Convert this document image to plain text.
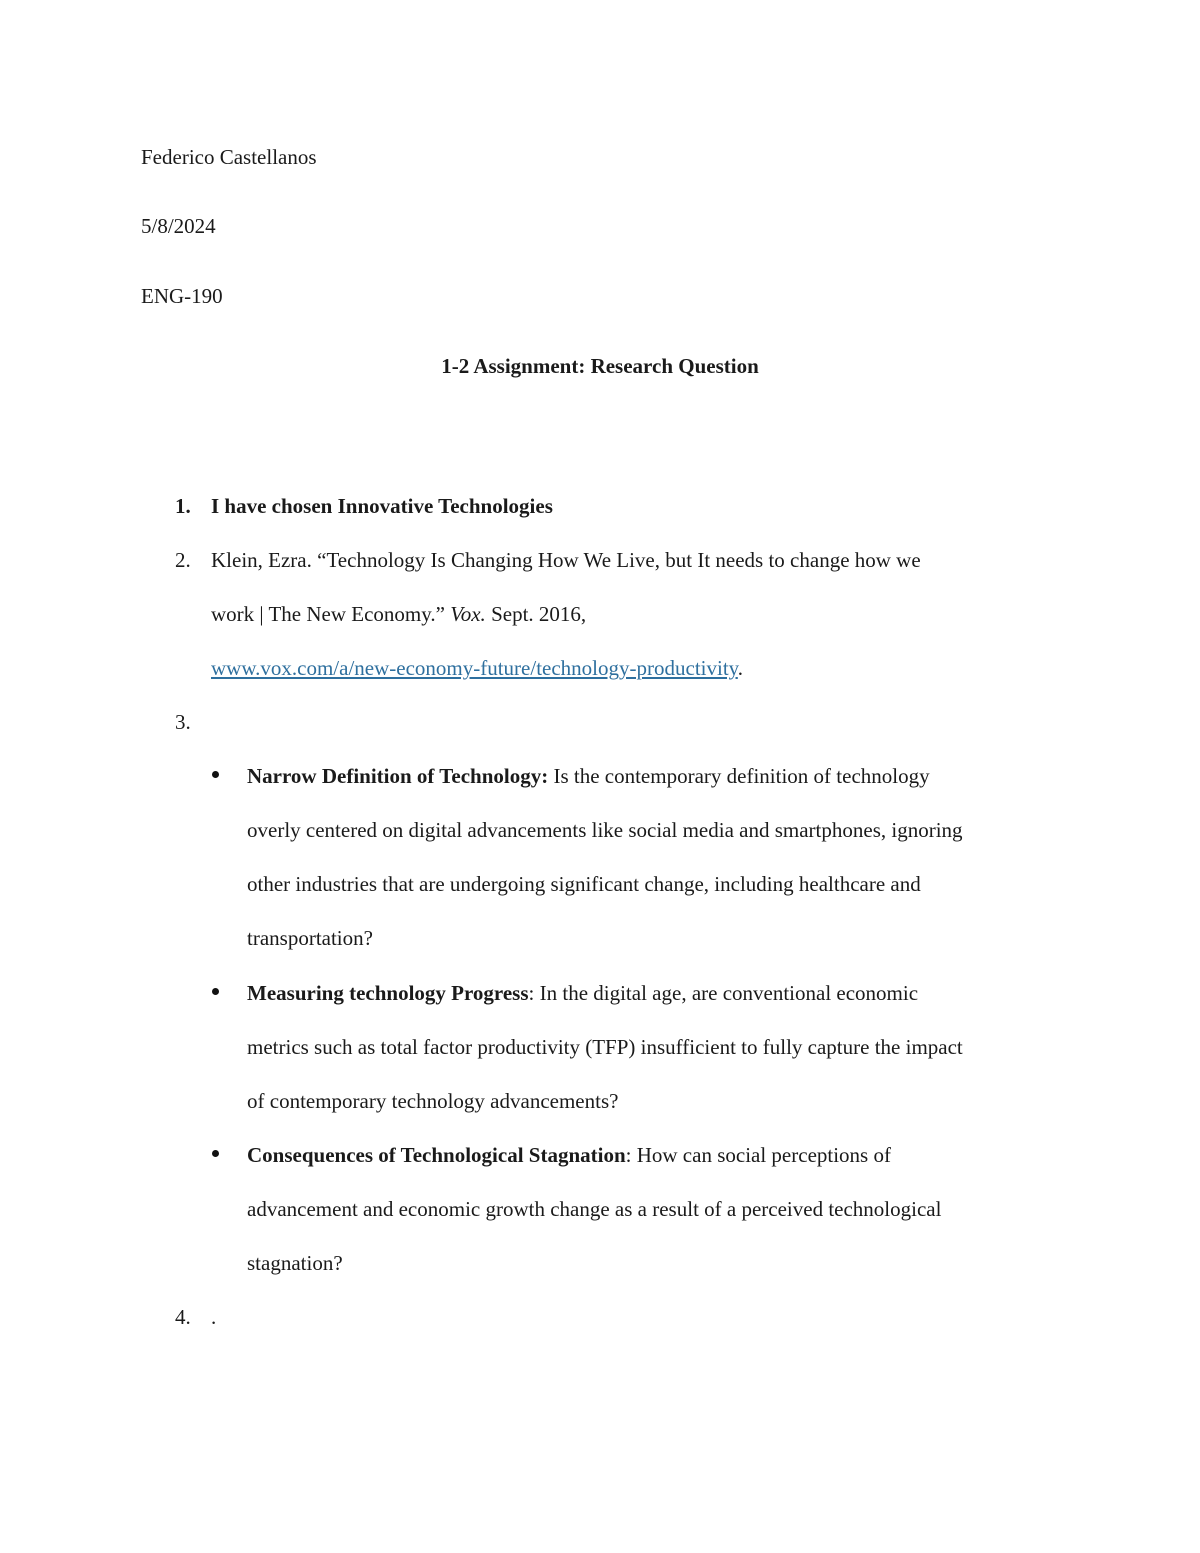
Federico Castellanos
5/8/2024
ENG-190
1-2 Assignment: Research Question
1. I have chosen Innovative Technologies
2. Klein, Ezra. “Technology Is Changing How We Live, but It needs to change how we
work | The New Economy.” Vox. Sept. 2016,
www.vox.com/a/new-economy-future/technology-productivity.
3.
Narrow Definition of Technology: Is the contemporary definition of technology
overly centered on digital advancements like social media and smartphones, ignoring
other industries that are undergoing significant change, including healthcare and
transportation?
Measuring technology Progress: In the digital age, are conventional economic
metrics such as total factor productivity (TFP) insufficient to fully capture the impact
of contemporary technology advancements?
Consequences of Technological Stagnation: How can social perceptions of
advancement and economic growth change as a result of a perceived technological
stagnation?
4. .
